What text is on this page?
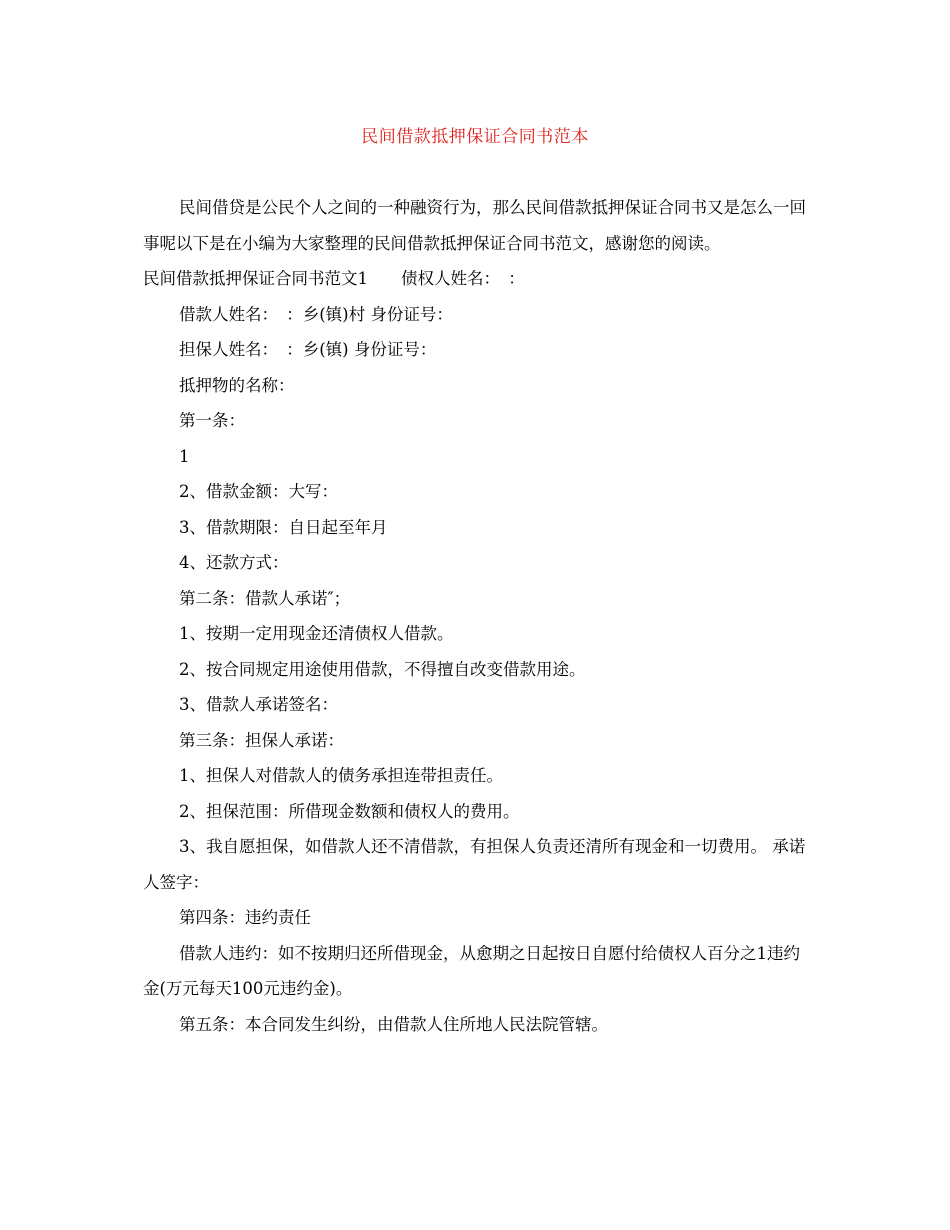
民间借款抵押保证合同书范本

民间借贷是公民个人之间的一种融资行为，那么民间借款抵押保证合同书又是怎么一回事呢以下是在小编为大家整理的民间借款抵押保证合同书范文，感谢您的阅读。

民间借款抵押保证合同书范文1　　债权人姓名：　：

借款人姓名：　：乡(镇)村 身份证号：

担保人姓名：　：乡(镇) 身份证号：

抵押物的名称：

第一条：

1

2、借款金额：大写：

3、借款期限：自日起至年月

4、还款方式：

第二条：借款人承诺″；

1、按期一定用现金还清债权人借款。

2、按合同规定用途使用借款，不得擅自改变借款用途。

3、借款人承诺签名：

第三条：担保人承诺：

1、担保人对借款人的债务承担连带担责任。

2、担保范围：所借现金数额和债权人的费用。

3、我自愿担保，如借款人还不清借款，有担保人负责还清所有现金和一切费用。 承诺人签字：

第四条：违约责任

借款人违约：如不按期归还所借现金，从愈期之日起按日自愿付给债权人百分之1违约金(万元每天100元违约金)。

第五条：本合同发生纠纷，由借款人住所地人民法院管辖。
